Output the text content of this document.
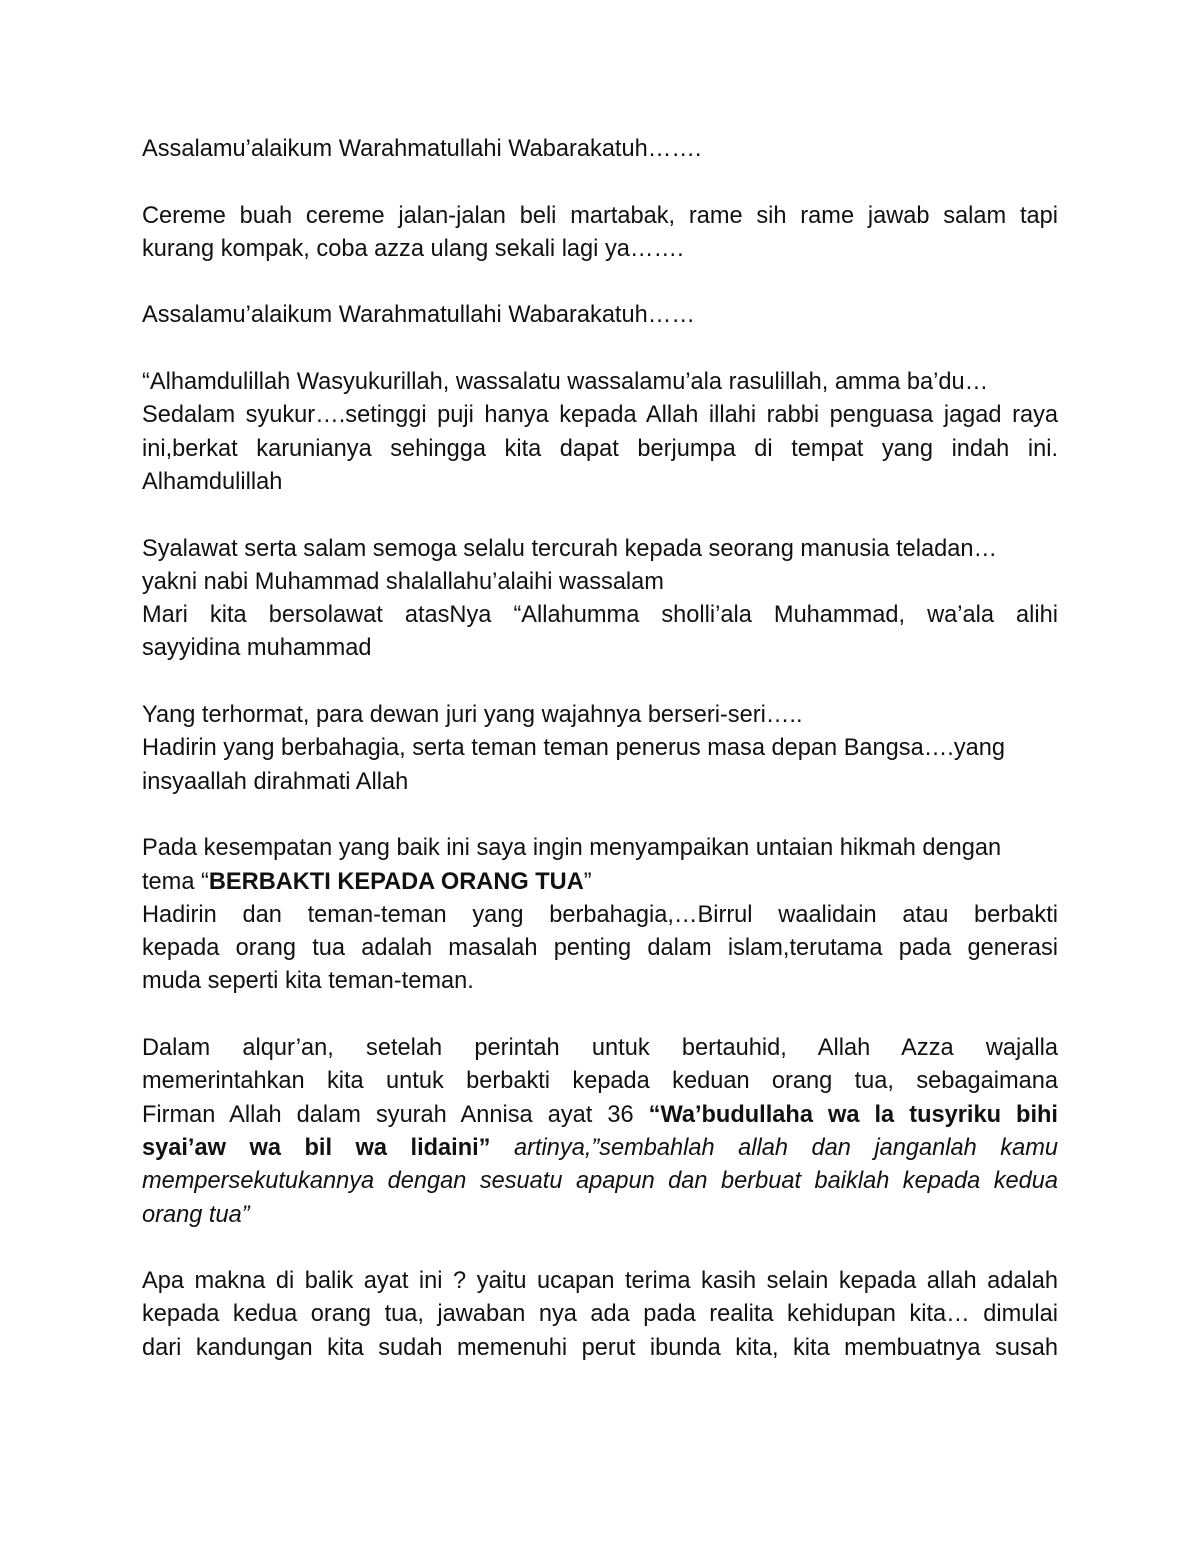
Assalamu’alaikum Warahmatullahi Wabarakatuh…….

Cereme buah cereme jalan-jalan beli martabak, rame sih rame jawab salam tapi
kurang kompak, coba azza ulang sekali lagi ya…….

Assalamu’alaikum Warahmatullahi Wabarakatuh……

“Alhamdulillah Wasyukurillah, wassalatu wassalamu’ala rasulillah, amma ba’du…
Sedalam syukur….setinggi puji hanya kepada Allah illahi rabbi penguasa jagad raya
ini,berkat karunianya sehingga kita dapat berjumpa di tempat yang indah ini.
Alhamdulillah

Syalawat serta salam semoga selalu tercurah kepada seorang manusia teladan…
yakni nabi Muhammad shalallahu’alaihi wassalam
Mari kita bersolawat atasNya “Allahumma sholli’ala Muhammad, wa’ala alihi
sayyidina muhammad

Yang terhormat, para dewan juri yang wajahnya berseri-seri…..
Hadirin yang berbahagia, serta teman teman penerus masa depan Bangsa….yang
insyaallah dirahmati Allah

Pada kesempatan yang baik ini saya ingin menyampaikan untaian hikmah dengan
tema “BERBAKTI KEPADA ORANG TUA”
Hadirin dan teman-teman yang berbahagia,…Birrul waalidain atau berbakti
kepada orang tua adalah masalah penting dalam islam,terutama pada generasi
muda seperti kita teman-teman.

Dalam alqur’an, setelah perintah untuk bertauhid, Allah Azza wajalla
memerintahkan kita untuk berbakti kepada keduan orang tua, sebagaimana
Firman Allah dalam syurah Annisa ayat 36 “Wa’budullaha wa la tusyriku bihi
syai’aw wa bil wa lidaini” artinya,”sembahlah allah dan janganlah kamu
mempersekutukannya dengan sesuatu apapun dan berbuat baiklah kepada kedua
orang tua”

Apa makna di balik ayat ini ? yaitu ucapan terima kasih selain kepada allah adalah
kepada kedua orang tua, jawaban nya ada pada realita kehidupan kita… dimulai
dari kandungan kita sudah memenuhi perut ibunda kita, kita membuatnya susah
